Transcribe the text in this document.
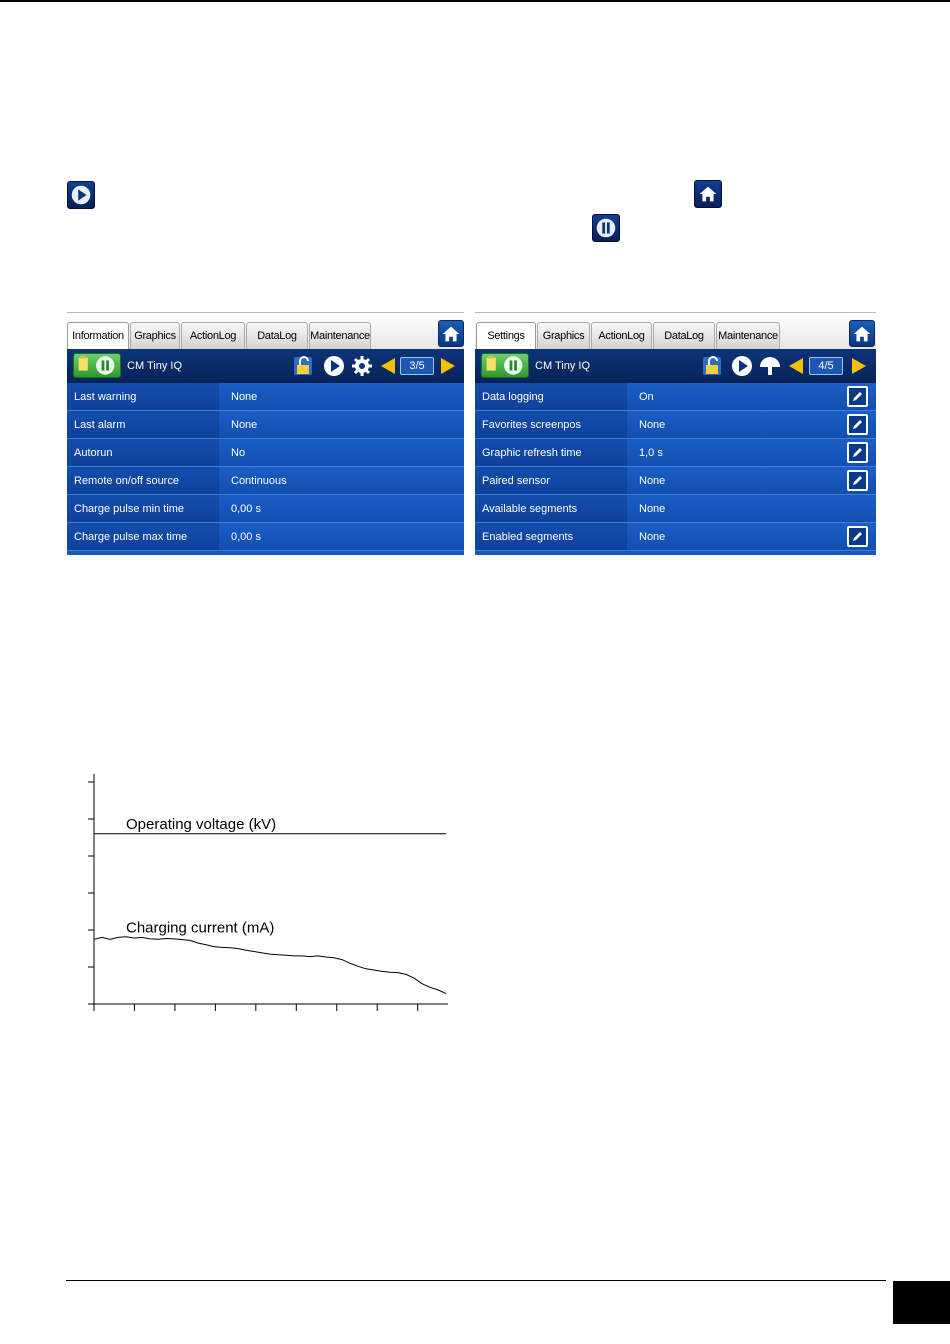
Information Graphics	ActionLog	DataLog	Maintenance
CM Tiny IQ	3/5
Last warning	None
Last alarm	None
Autorun	No
Remote on/off source	Continuous
Charge pulse min time	0,00 s
Charge pulse max time	0,00 s
Settings	Graphics	ActionLog	DataLog	Maintenance
CM Tiny IQ	4/5
Data logging	On
Favorites screenpos	None
Graphic refresh time	1,0 s
Paired sensor	None
Available segments	None
Enabled segments	None
Operating voltage (kV)
Charging current (mA)
